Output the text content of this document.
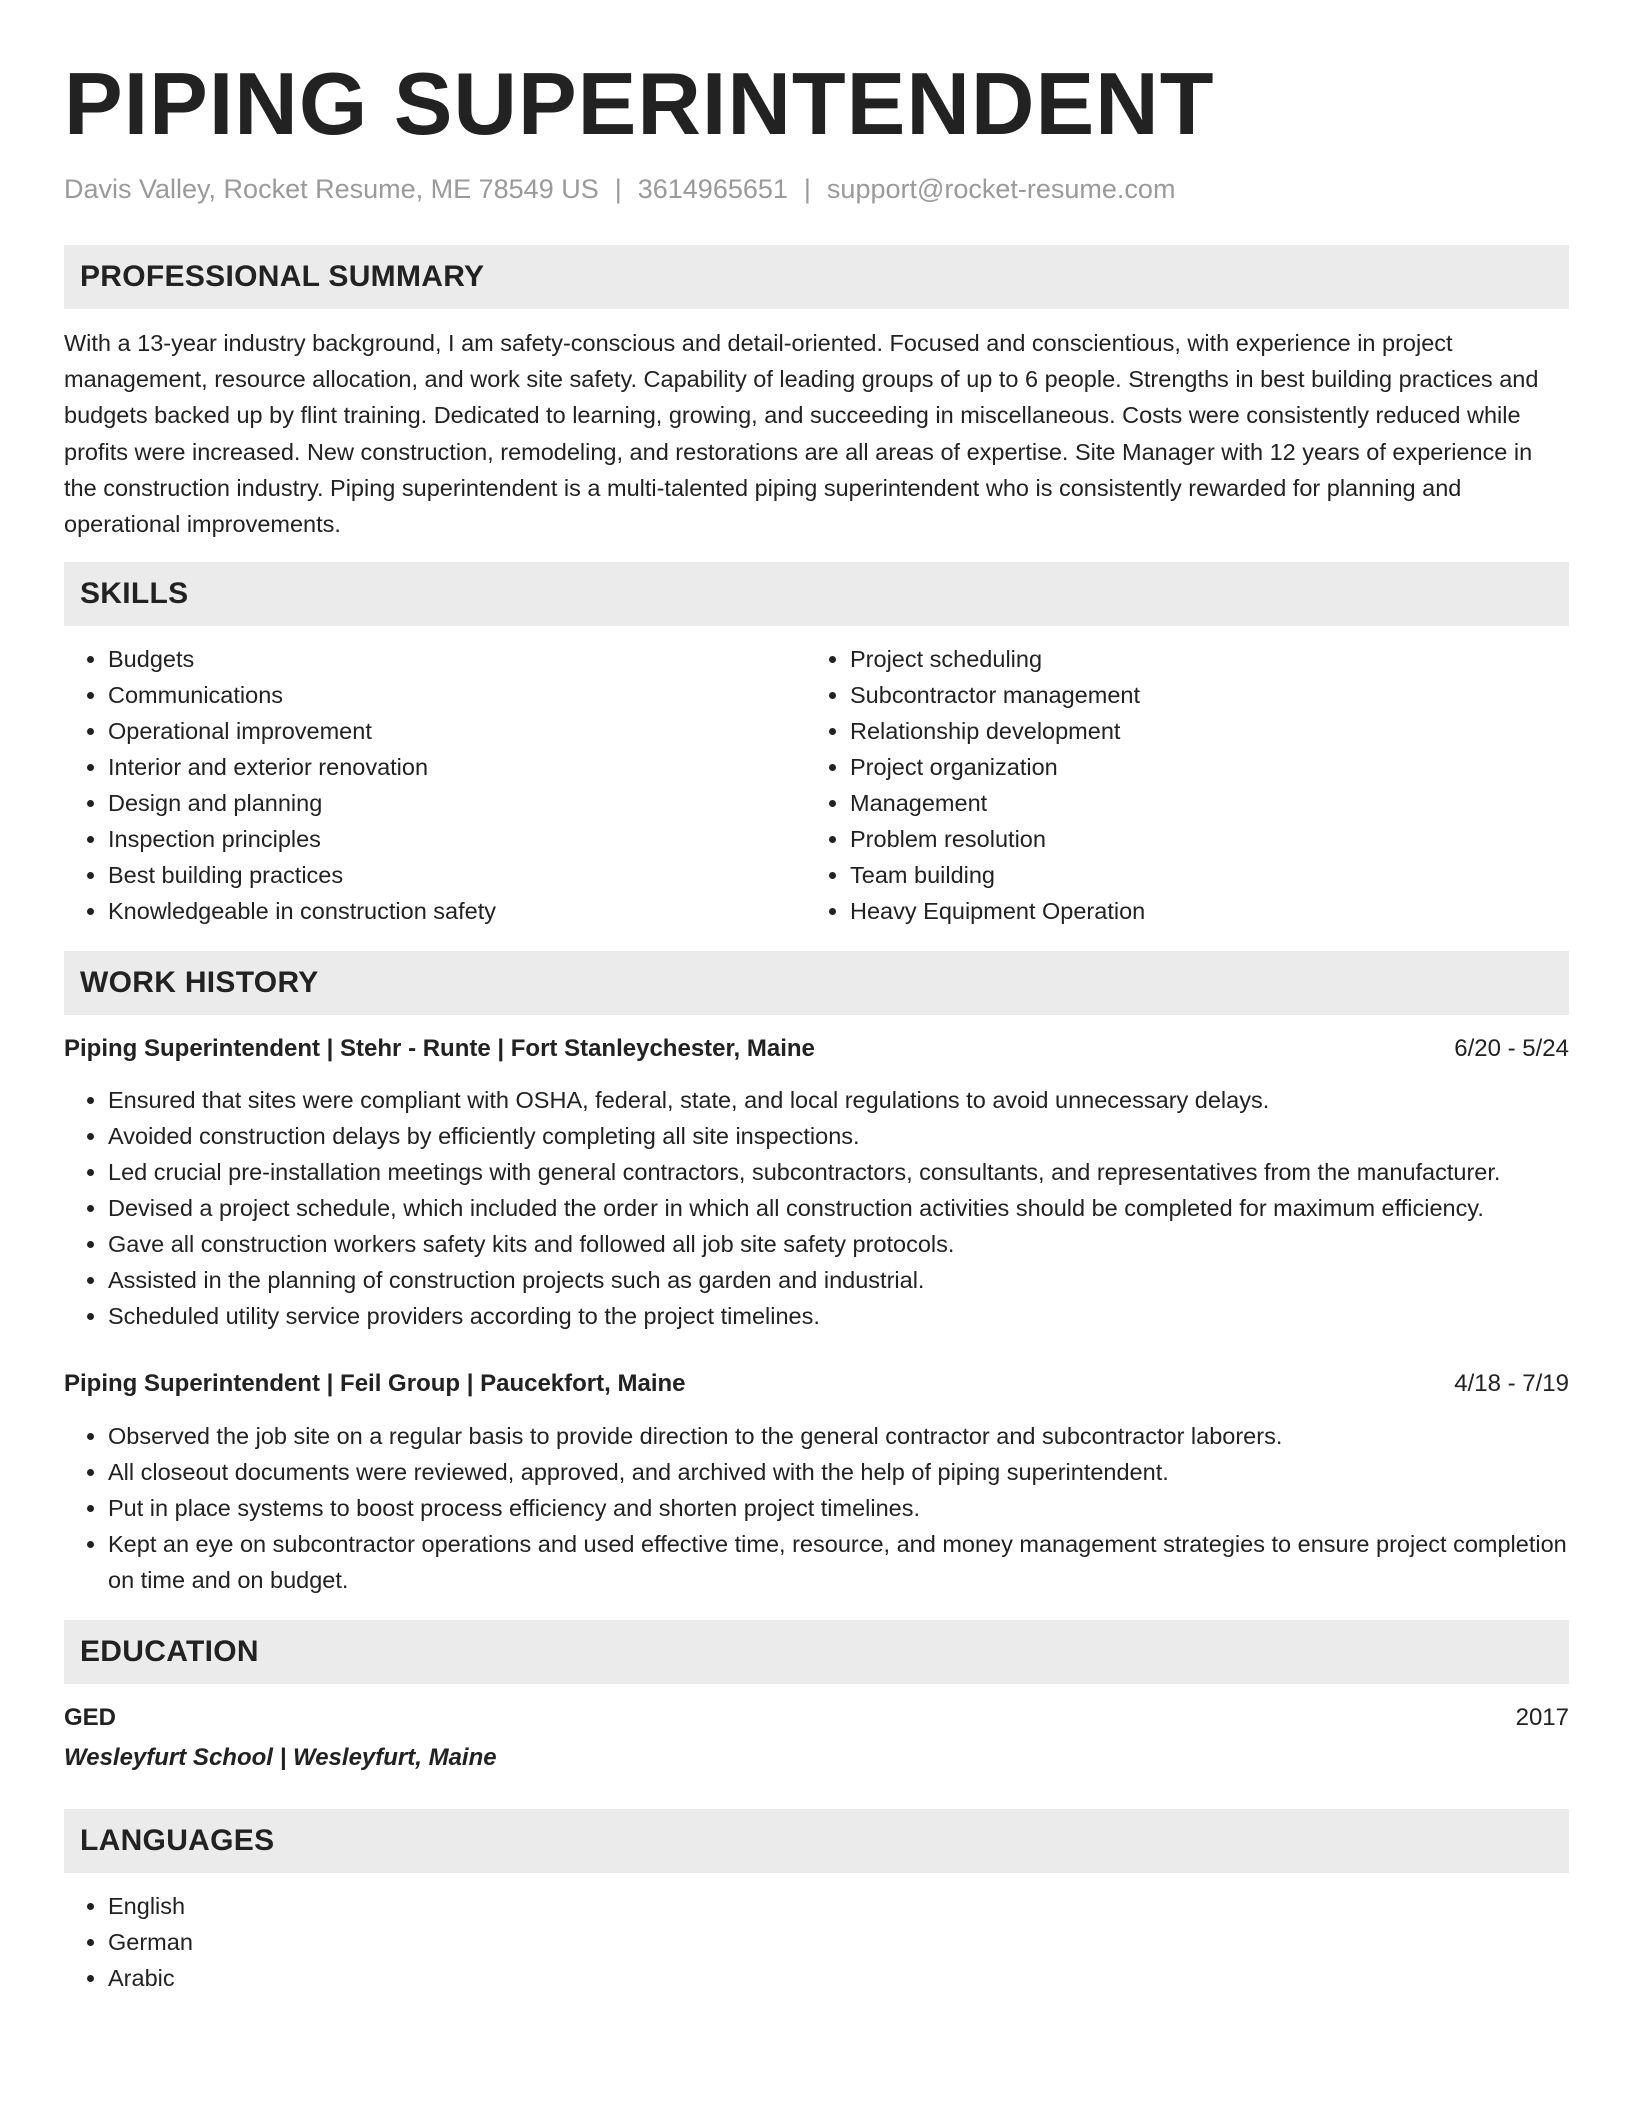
PIPING SUPERINTENDENT
Davis Valley, Rocket Resume, ME 78549 US | 3614965651 | support@rocket-resume.com
PROFESSIONAL SUMMARY

With a 13-year industry background, I am safety-conscious and detail-oriented. Focused and conscientious, with experience in project management, resource allocation, and work site safety. Capability of leading groups of up to 6 people. Strengths in best building practices and budgets backed up by flint training. Dedicated to learning, growing, and succeeding in miscellaneous. Costs were consistently reduced while profits were increased. New construction, remodeling, and restorations are all areas of expertise. Site Manager with 12 years of experience in the construction industry. Piping superintendent is a multi-talented piping superintendent who is consistently rewarded for planning and operational improvements.

SKILLS
• Budgets
• Communications
• Operational improvement
• Interior and exterior renovation
• Design and planning
• Inspection principles
• Best building practices
• Knowledgeable in construction safety
• Project scheduling
• Subcontractor management
• Relationship development
• Project organization
• Management
• Problem resolution
• Team building
• Heavy Equipment Operation
WORK HISTORY
Piping Superintendent | Stehr - Runte | Fort Stanleychester, Maine	6/20 - 5/24
• Ensured that sites were compliant with OSHA, federal, state, and local regulations to avoid unnecessary delays.
• Avoided construction delays by efficiently completing all site inspections.
• Led crucial pre-installation meetings with general contractors, subcontractors, consultants, and representatives from the manufacturer.
• Devised a project schedule, which included the order in which all construction activities should be completed for maximum efficiency.
• Gave all construction workers safety kits and followed all job site safety protocols.
• Assisted in the planning of construction projects such as garden and industrial.
• Scheduled utility service providers according to the project timelines.
Piping Superintendent | Feil Group | Paucekfort, Maine	4/18 - 7/19
• Observed the job site on a regular basis to provide direction to the general contractor and subcontractor laborers.
• All closeout documents were reviewed, approved, and archived with the help of piping superintendent.
• Put in place systems to boost process efficiency and shorten project timelines.
• Kept an eye on subcontractor operations and used effective time, resource, and money management strategies to ensure project completion on time and on budget.
EDUCATION
GED	2017
Wesleyfurt School | Wesleyfurt, Maine
LANGUAGES
• English
• German
• Arabic
